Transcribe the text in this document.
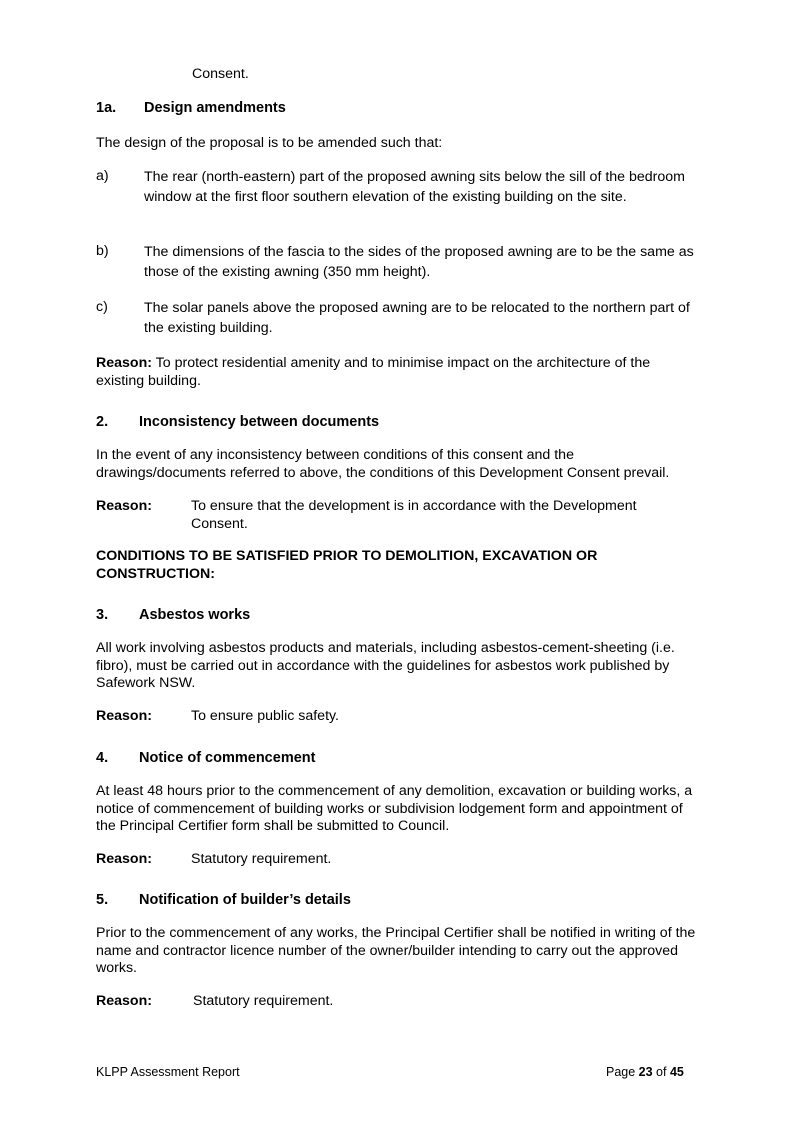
Consent.
1a. Design amendments
The design of the proposal is to be amended such that:
a) The rear (north-eastern) part of the proposed awning sits below the sill of the bedroom window at the first floor southern elevation of the existing building on the site.
b) The dimensions of the fascia to the sides of the proposed awning are to be the same as those of the existing awning (350 mm height).
c)	The solar panels above the proposed awning are to be relocated to the northern part of the existing building.
Reason: To protect residential amenity and to minimise impact on the architecture of the existing building.
2. Inconsistency between documents
In the event of any inconsistency between conditions of this consent and the drawings/documents referred to above, the conditions of this Development Consent prevail.
Reason:	To ensure that the development is in accordance with the Development Consent.
CONDITIONS TO BE SATISFIED PRIOR TO DEMOLITION, EXCAVATION OR CONSTRUCTION:
3. Asbestos works
All work involving asbestos products and materials, including asbestos-cement-sheeting (i.e. fibro), must be carried out in accordance with the guidelines for asbestos work published by Safework NSW.
Reason:	To ensure public safety.
4. Notice of commencement
At least 48 hours prior to the commencement of any demolition, excavation or building works, a notice of commencement of building works or subdivision lodgement form and appointment of the Principal Certifier form shall be submitted to Council.
Reason:	Statutory requirement.
5. Notification of builder’s details
Prior to the commencement of any works, the Principal Certifier shall be notified in writing of the name and contractor licence number of the owner/builder intending to carry out the approved works.
Reason:	Statutory requirement.
KLPP Assessment Report	Page 23 of 45
